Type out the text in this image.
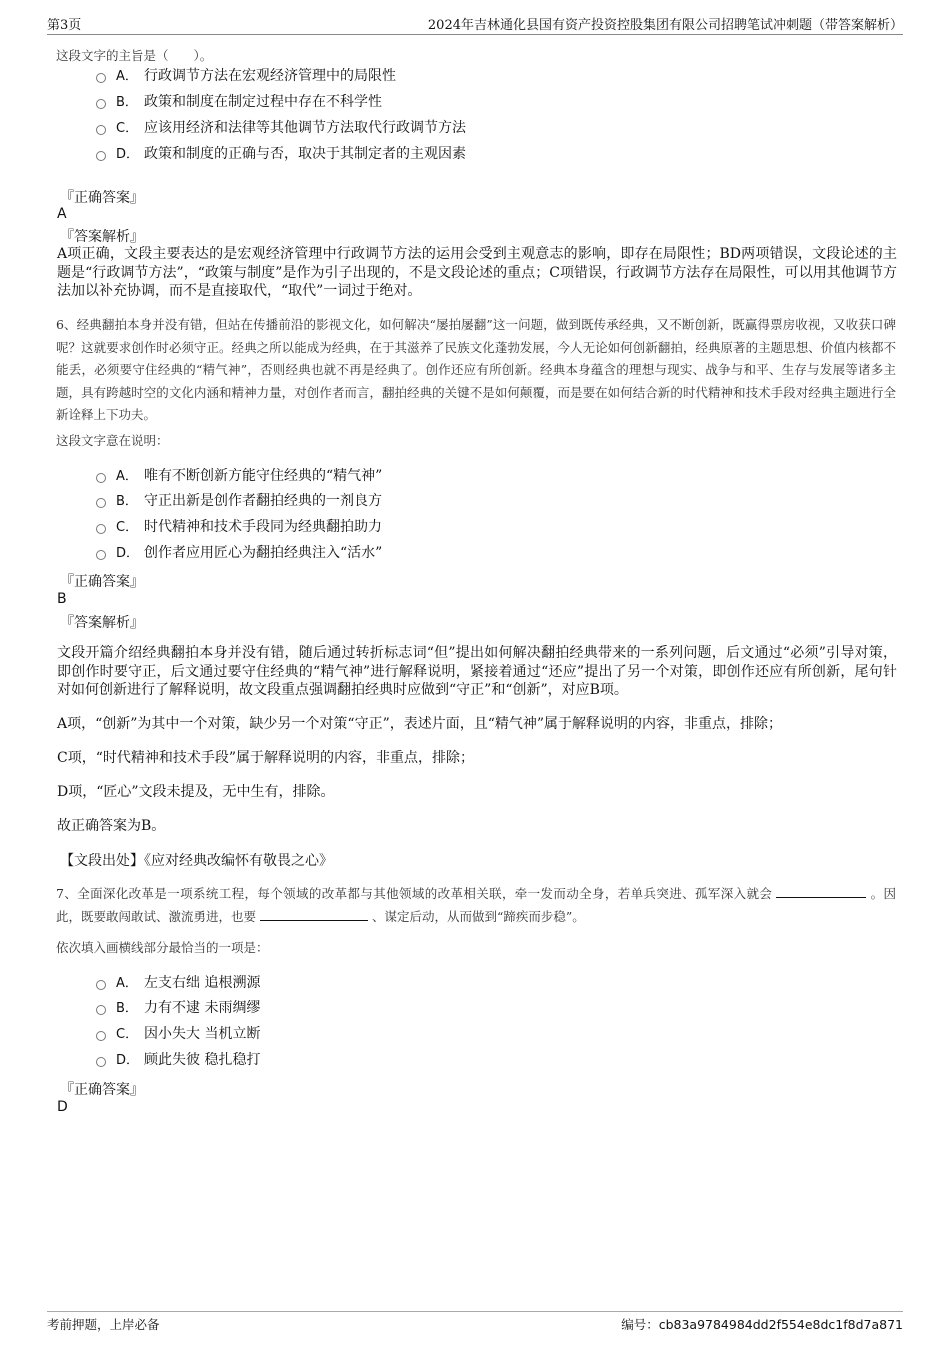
第3页	2024年吉林通化县国有资产投资控股集团有限公司招聘笔试冲刺题（带答案解析）
这段文字的主旨是（　　）。
A． 行政调节方法在宏观经济管理中的局限性
B． 政策和制度在制定过程中存在不科学性
C． 应该用经济和法律等其他调节方法取代行政调节方法
D． 政策和制度的正确与否，取决于其制定者的主观因素
『正确答案』
A
『答案解析』
A项正确，文段主要表达的是宏观经济管理中行政调节方法的运用会受到主观意志的影响，即存在局限性；BD两项错误，文段论述的主题是“行政调节方法”，“政策与制度”是作为引子出现的，不是文段论述的重点；C项错误，行政调节方法存在局限性，可以用其他调节方法加以补充协调，而不是直接取代，“取代”一词过于绝对。
6、经典翻拍本身并没有错，但站在传播前沿的影视文化，如何解决“屡拍屡翻”这一问题，做到既传承经典，又不断创新，既赢得票房收视，又收获口碑呢？这就要求创作时必须守正。经典之所以能成为经典，在于其滋养了民族文化蓬勃发展，今人无论如何创新翻拍，经典原著的主题思想、价值内核都不能丢，必须要守住经典的“精气神”，否则经典也就不再是经典了。创作还应有所创新。经典本身蕴含的理想与现实、战争与和平、生存与发展等诸多主题，具有跨越时空的文化内涵和精神力量，对创作者而言，翻拍经典的关键不是如何颠覆，而是要在如何结合新的时代精神和技术手段对经典主题进行全新诠释上下功夫。
这段文字意在说明：
A． 唯有不断创新方能守住经典的“精气神”
B． 守正出新是创作者翻拍经典的一剂良方
C． 时代精神和技术手段同为经典翻拍助力
D． 创作者应用匠心为翻拍经典注入“活水”
『正确答案』
B
『答案解析』
文段开篇介绍经典翻拍本身并没有错，随后通过转折标志词“但”提出如何解决翻拍经典带来的一系列问题，后文通过“必须”引导对策，即创作时要守正，后文通过要守住经典的“精气神”进行解释说明，紧接着通过“还应”提出了另一个对策，即创作还应有所创新，尾句针对如何创新进行了解释说明，故文段重点强调翻拍经典时应做到“守正”和“创新”，对应B项。
A项，“创新”为其中一个对策，缺少另一个对策“守正”，表述片面，且“精气神”属于解释说明的内容，非重点，排除；
C项，“时代精神和技术手段”属于解释说明的内容，非重点，排除；
D项，“匠心”文段未提及，无中生有，排除。
故正确答案为B。
【文段出处】《应对经典改编怀有敬畏之心》
7、全面深化改革是一项系统工程，每个领域的改革都与其他领域的改革相关联，牵一发而动全身，若单兵突进、孤军深入就会	。因此，既要敢闯敢试、激流勇进，也要	、谋定后动，从而做到“蹄疾而步稳”。
依次填入画横线部分最恰当的一项是：
A． 左支右绌 追根溯源
B． 力有不逮 未雨绸缪
C． 因小失大 当机立断
D． 顾此失彼 稳扎稳打
『正确答案』
D
考前押题，上岸必备	编号：cb83a9784984dd2f554e8dc1f8d7a871
